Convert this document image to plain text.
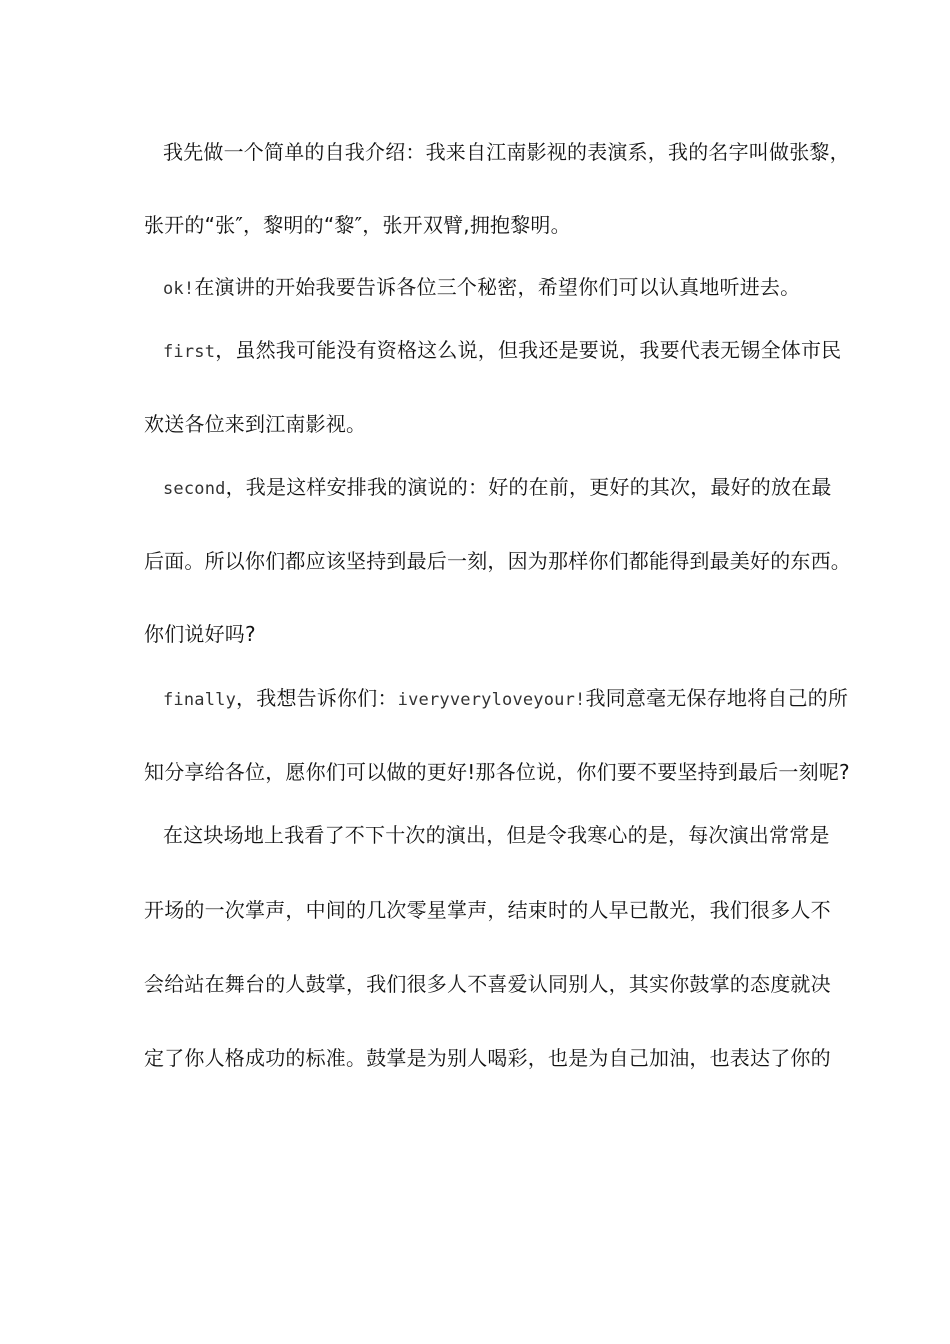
我先做一个简单的自我介绍：我来自江南影视的表演系，我的名字叫做张黎，
张开的“张″，黎明的“黎″，张开双臂,拥抱黎明。
ok!在演讲的开始我要告诉各位三个秘密，希望你们可以认真地听进去。
first，虽然我可能没有资格这么说，但我还是要说，我要代表无锡全体市民
欢送各位来到江南影视。
second，我是这样安排我的演说的：好的在前，更好的其次，最好的放在最
后面。所以你们都应该坚持到最后一刻，因为那样你们都能得到最美好的东西。
你们说好吗?
finally，我想告诉你们：iveryveryloveyour!我同意毫无保存地将自己的所
知分享给各位，愿你们可以做的更好!那各位说，你们要不要坚持到最后一刻呢?
在这块场地上我看了不下十次的演出，但是令我寒心的是，每次演出常常是
开场的一次掌声，中间的几次零星掌声，结束时的人早已散光，我们很多人不
会给站在舞台的人鼓掌，我们很多人不喜爱认同别人，其实你鼓掌的态度就决
定了你人格成功的标准。鼓掌是为别人喝彩，也是为自己加油，也表达了你的
